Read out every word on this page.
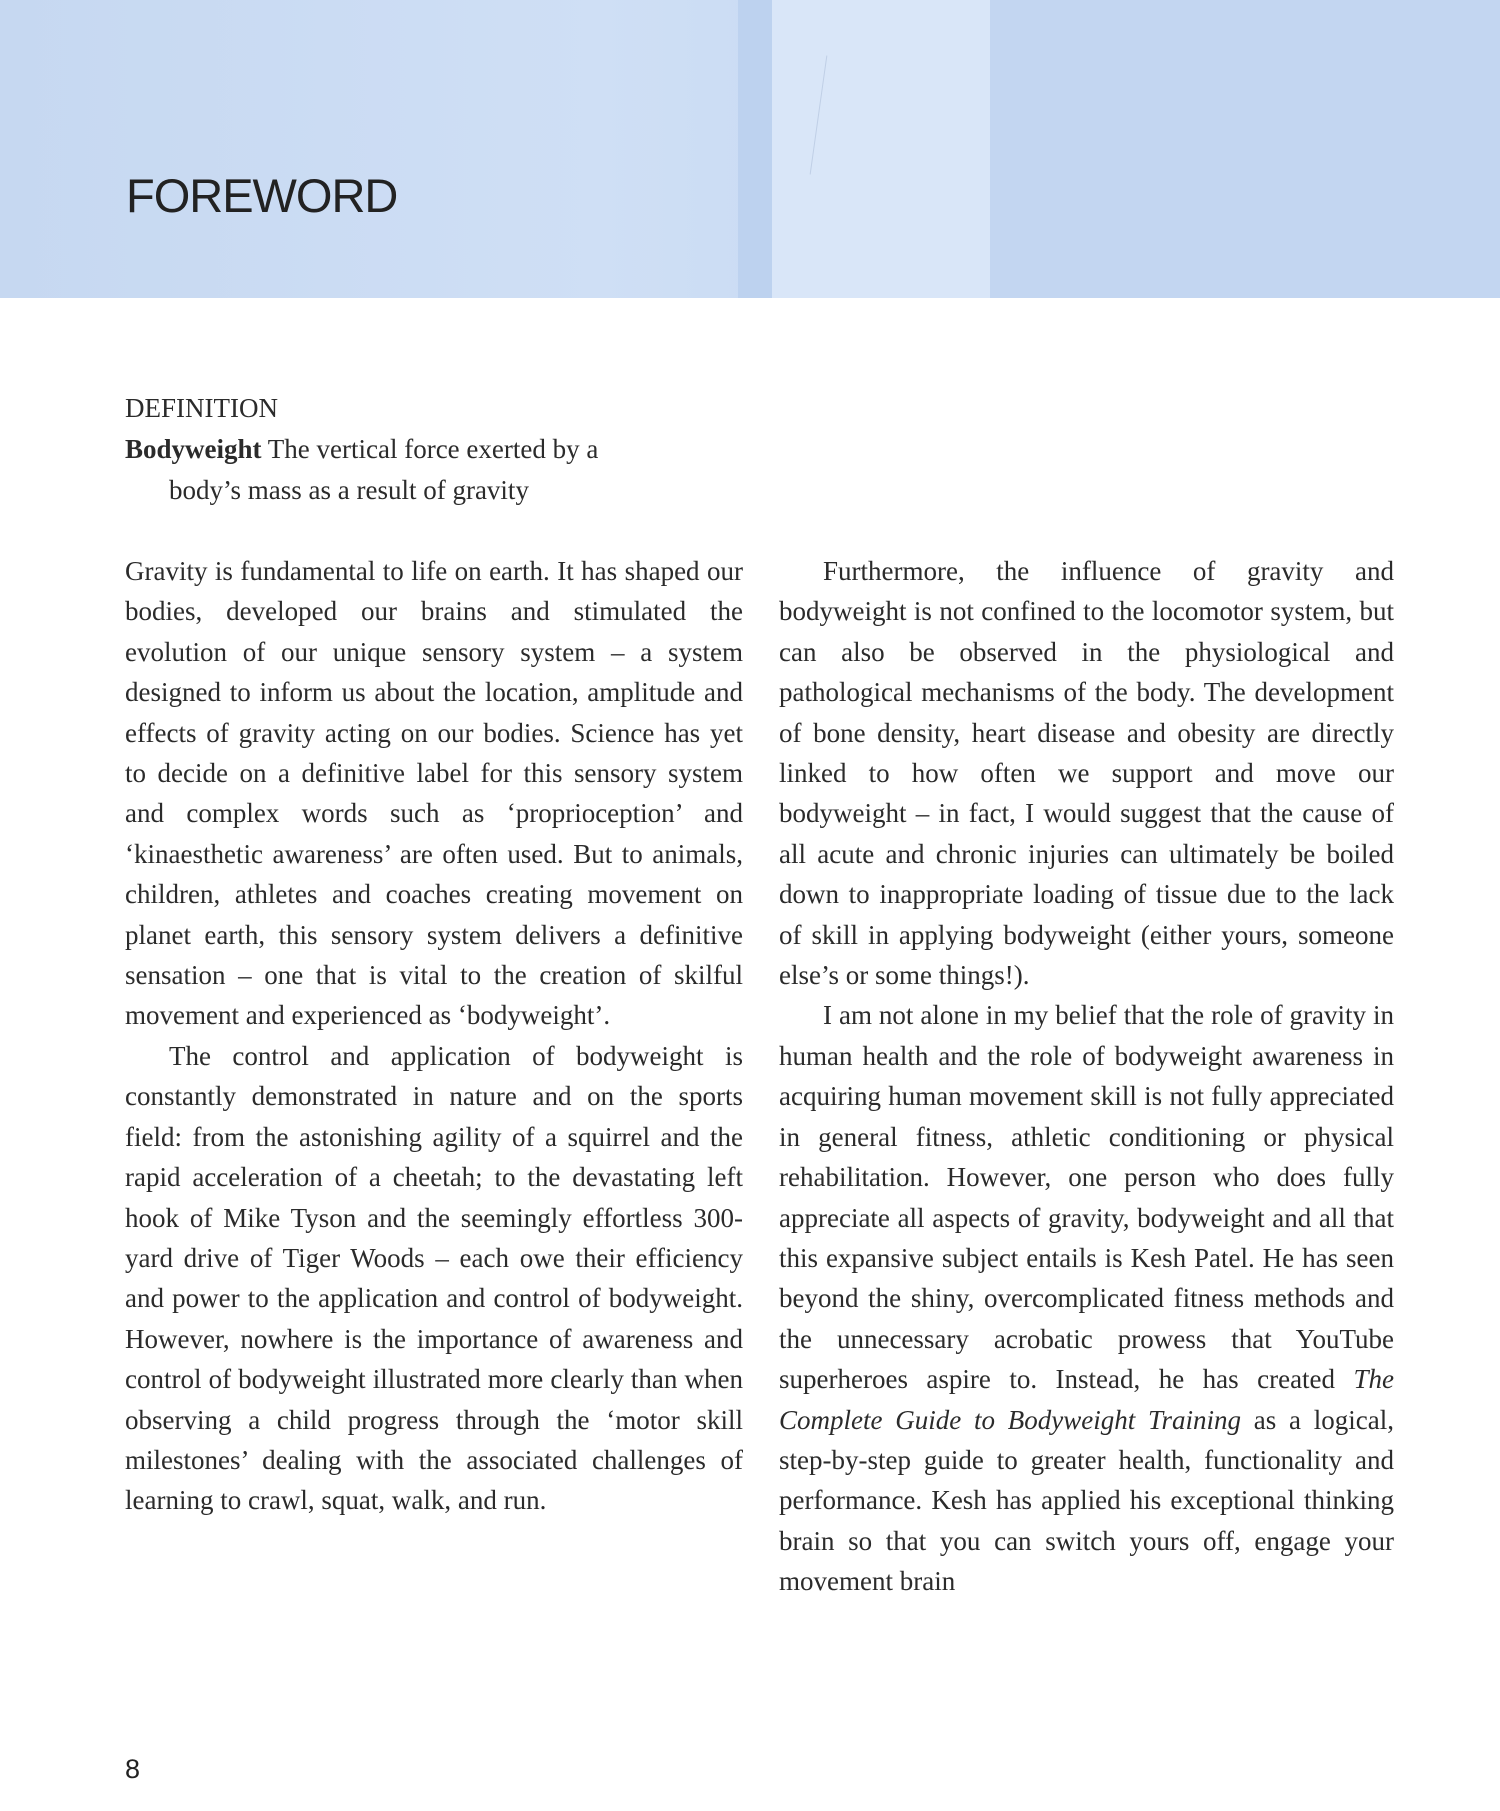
FOREWORD

DEFINITION

Bodyweight The vertical force exerted by a

body’s mass as a result of gravity

Gravity is fundamental to life on earth. It has shaped our bodies, developed our brains and stimulated the evolution of our unique sensory system – a system designed to inform us about the location, amplitude and effects of gravity acting on our bodies. Science has yet to decide on a definitive label for this sensory system and complex words such as ‘proprioception’ and ‘kinaesthetic awareness’ are often used. But to animals, children, athletes and coaches creating movement on planet earth, this sensory system delivers a definitive sensation – one that is vital to the creation of skilful movement and experienced as ‘bodyweight’.

The control and application of bodyweight is constantly demonstrated in nature and on the sports field: from the astonishing agility of a squirrel and the rapid acceleration of a cheetah; to the devastating left hook of Mike Tyson and the seemingly effortless 300-yard drive of Tiger Woods – each owe their efficiency and power to the application and control of bodyweight. However, nowhere is the importance of awareness and control of bodyweight illustrated more clearly than when observing a child progress through the ‘motor skill milestones’ dealing with the associated challenges of learning to crawl, squat, walk, and run.

Furthermore, the influence of gravity and bodyweight is not confined to the locomotor system, but can also be observed in the physiological and pathological mechanisms of the body. The development of bone density, heart disease and obesity are directly linked to how often we support and move our bodyweight – in fact, I would suggest that the cause of all acute and chronic injuries can ultimately be boiled down to inappropriate loading of tissue due to the lack of skill in applying bodyweight (either yours, someone else’s or some things!).

I am not alone in my belief that the role of gravity in human health and the role of bodyweight awareness in acquiring human movement skill is not fully appreciated in general fitness, athletic conditioning or physical rehabilitation. However, one person who does fully appreciate all aspects of gravity, bodyweight and all that this expansive subject entails is Kesh Patel. He has seen beyond the shiny, overcomplicated fitness methods and the unnecessary acrobatic prowess that YouTube superheroes aspire to. Instead, he has created The Complete Guide to Bodyweight Training as a logical, step-by-step guide to greater health, functionality and performance. Kesh has applied his exceptional thinking brain so that you can switch yours off, engage your movement brain

8
